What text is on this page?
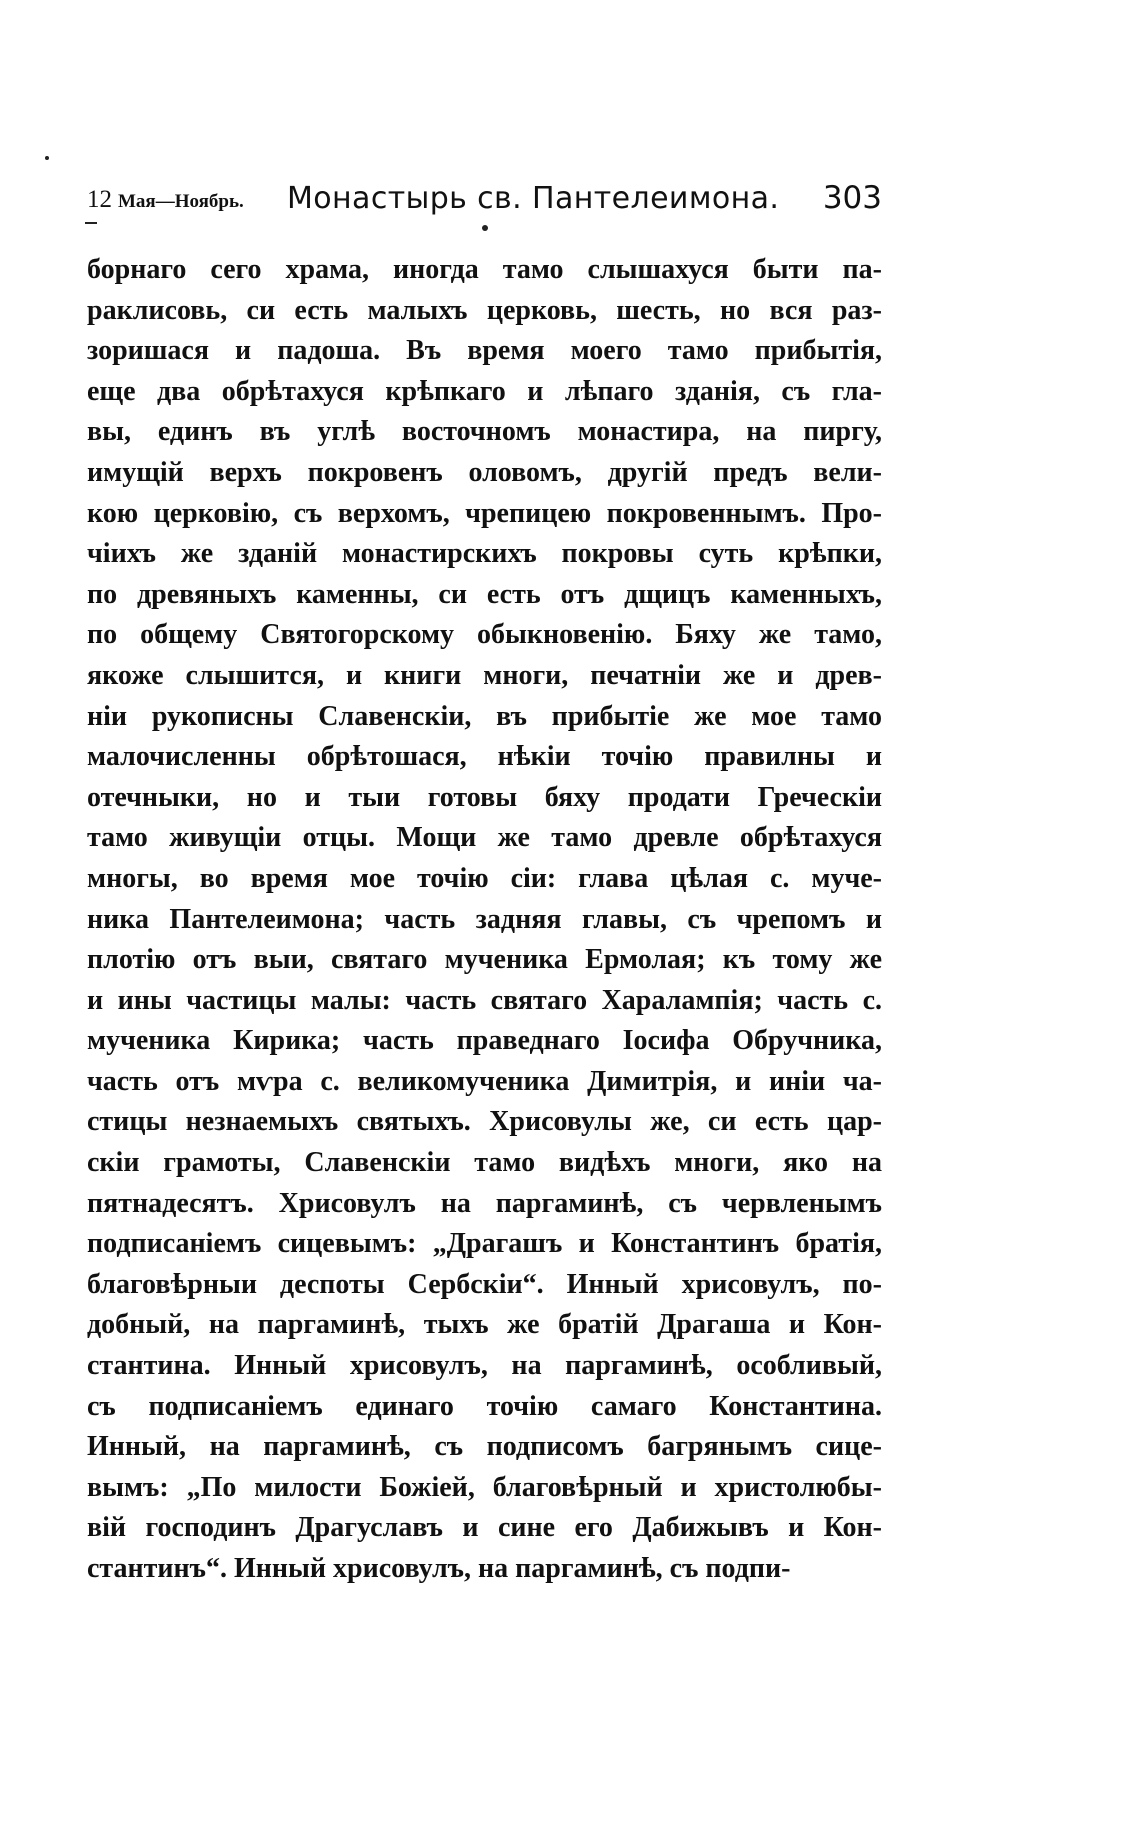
12 Мая—Ноябрь. Монастырь св. Пантелеимона. 303
борнаго сего храма, иногда тамо слышахуся быти па-
раклисовь, си есть малыхъ церковь, шесть, но вся раз-
зоришася и падоша. Въ время моего тамо прибытія,
еще два обрѣтахуся крѣпкаго и лѣпаго зданія, съ гла-
вы, единъ въ углѣ восточномъ монастира, на пиргу,
имущій верхъ покровенъ оловомъ, другій предъ вели-
кою церковію, съ верхомъ, чрепицею покровеннымъ. Про-
чіихъ же зданій монастирскихъ покровы суть крѣпки,
по древяныхъ каменны, си есть отъ дщицъ каменныхъ,
по общему Святогорскому обыкновенію. Бяху же тамо,
якоже слышится, и книги многи, печатніи же и древ-
ніи рукописны Славенскіи, въ прибытіе же мое тамо
малочисленны обрѣтошася, нѣкіи точію правилны и
отечныки, но и тыи готовы бяху продати Греческіи
тамо живущіи отцы. Мощи же тамо древле обрѣтахуся
многы, во время мое точію сіи: глава цѣлая с. муче-
ника Пантелеимона; часть задняя главы, съ чрепомъ и
плотію отъ выи, святаго мученика Ермолая; къ тому же
и ины частицы малы: часть святаго Харалампія; часть с.
мученика Кирика; часть праведнаго Іосифа Обручника,
часть отъ мѵра с. великомученика Димитрія, и иніи ча-
стицы незнаемыхъ святыхъ. Хрисовулы же, си есть цар-
скіи грамоты, Славенскіи тамо видѣхъ многи, яко на
пятнадесятъ. Хрисовулъ на паргаминѣ, съ червленымъ
подписаніемъ сицевымъ: „Драгашъ и Константинъ братія,
благовѣрныи деспоты Сербскіи“. Инный хрисовулъ, по-
добный, на паргаминѣ, тыхъ же братій Драгаша и Кон-
стантина. Инный хрисовулъ, на паргаминѣ, особливый,
съ подписаніемъ единаго точію самаго Константина.
Инный, на паргаминѣ, съ подписомъ багрянымъ сице-
вымъ: „По милости Божіей, благовѣрный и христолюбы-
вій господинъ Драгуславъ и сине его Дабижывъ и Кон-
стантинъ“. Инный хрисовулъ, на паргаминѣ, съ подпи-
